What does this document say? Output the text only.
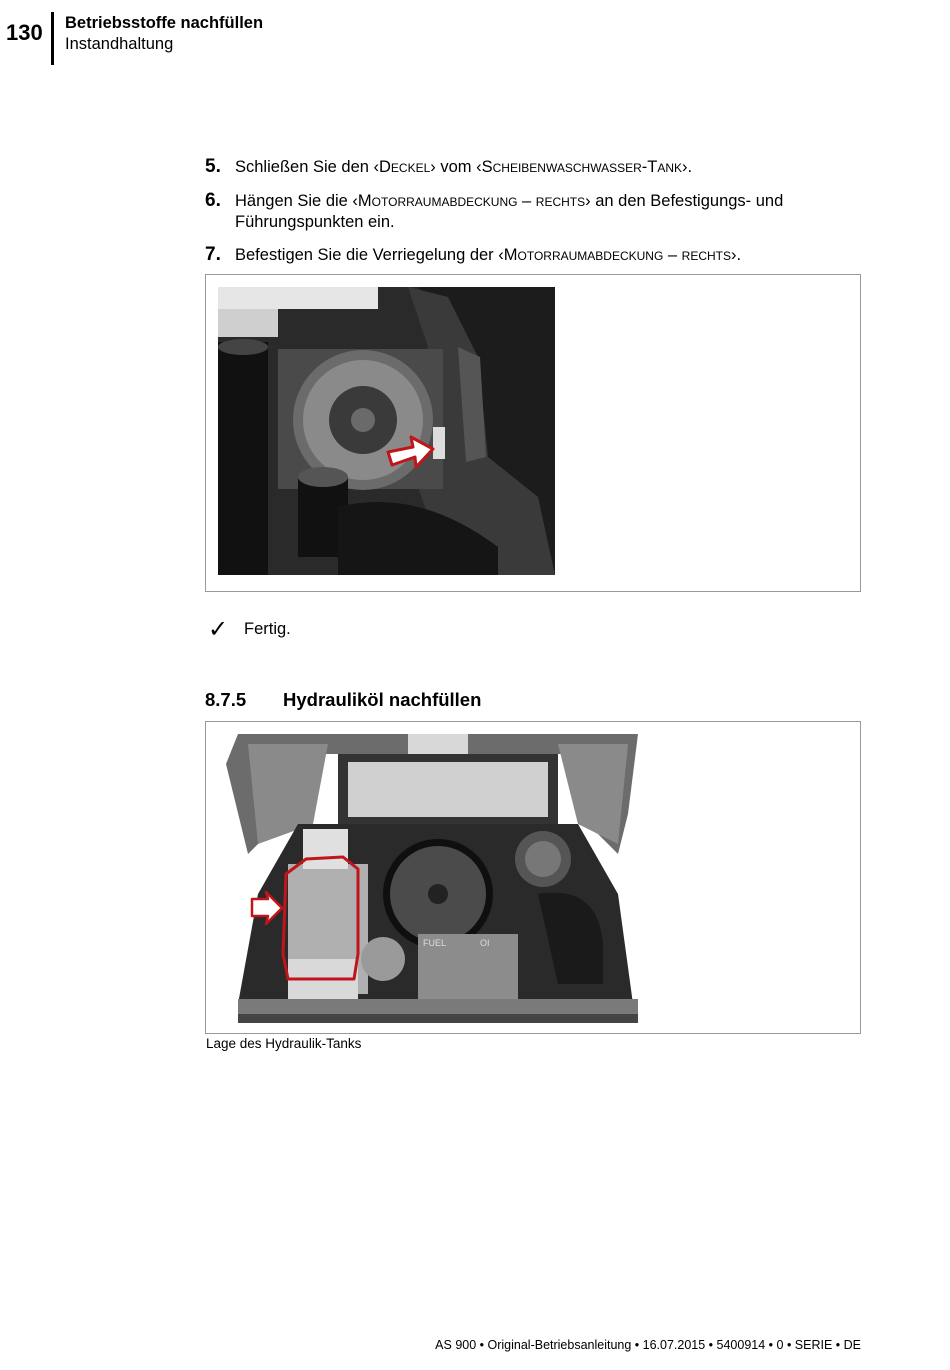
130 Betriebsstoffe nachfüllen
Instandhaltung
5. Schließen Sie den ‹Deckel› vom ‹Scheibenwaschwasser-Tank›.
6. Hängen Sie die ‹Motorraumabdeckung – rechts› an den Befestigungs- und Führungspunkten ein.
7. Befestigen Sie die Verriegelung der ‹Motorraumabdeckung – rechts›.
✓ Fertig.
8.7.5 Hydrauliköl nachfüllen
FUEL	OI
Lage des Hydraulik-Tanks
AS 900 • Original-Betriebsanleitung • 16.07.2015 • 5400914 • 0 • SERIE • DE
